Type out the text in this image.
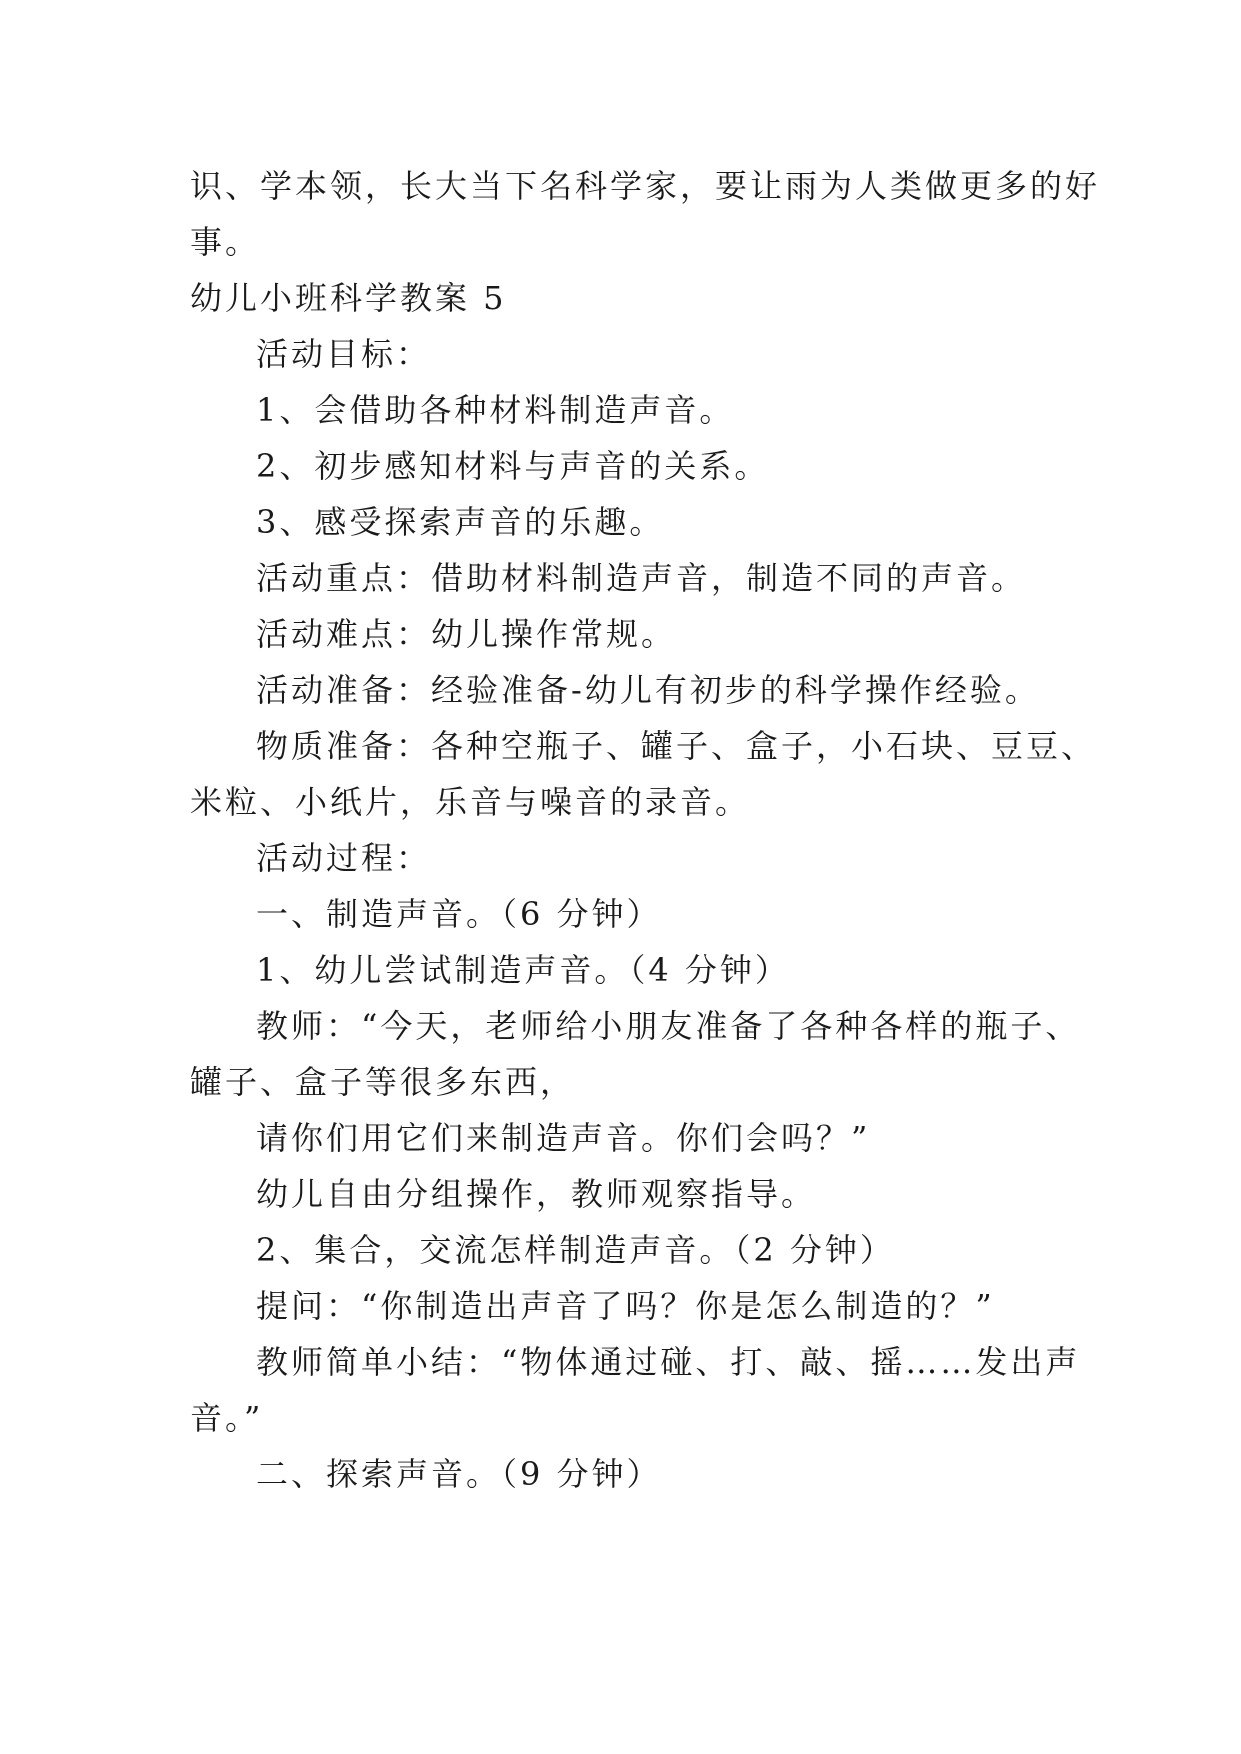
识、学本领，长大当下名科学家，要让雨为人类做更多的好
事。
幼儿小班科学教案 5
活动目标：
1、会借助各种材料制造声音。
2、初步感知材料与声音的关系。
3、感受探索声音的乐趣。
活动重点：借助材料制造声音，制造不同的声音。
活动难点：幼儿操作常规。
活动准备：经验准备-幼儿有初步的科学操作经验。
物质准备：各种空瓶子、罐子、盒子，小石块、豆豆、
米粒、小纸片，乐音与噪音的录音。
活动过程：
一、制造声音。（6 分钟）
1、幼儿尝试制造声音。（4 分钟）
教师：“今天，老师给小朋友准备了各种各样的瓶子、
罐子、盒子等很多东西，
请你们用它们来制造声音。你们会吗？”
幼儿自由分组操作，教师观察指导。
2、集合，交流怎样制造声音。（2 分钟）
提问：“你制造出声音了吗？你是怎么制造的？”
教师简单小结：“物体通过碰、打、敲、摇……发出声
音。”
二、探索声音。（9 分钟）
